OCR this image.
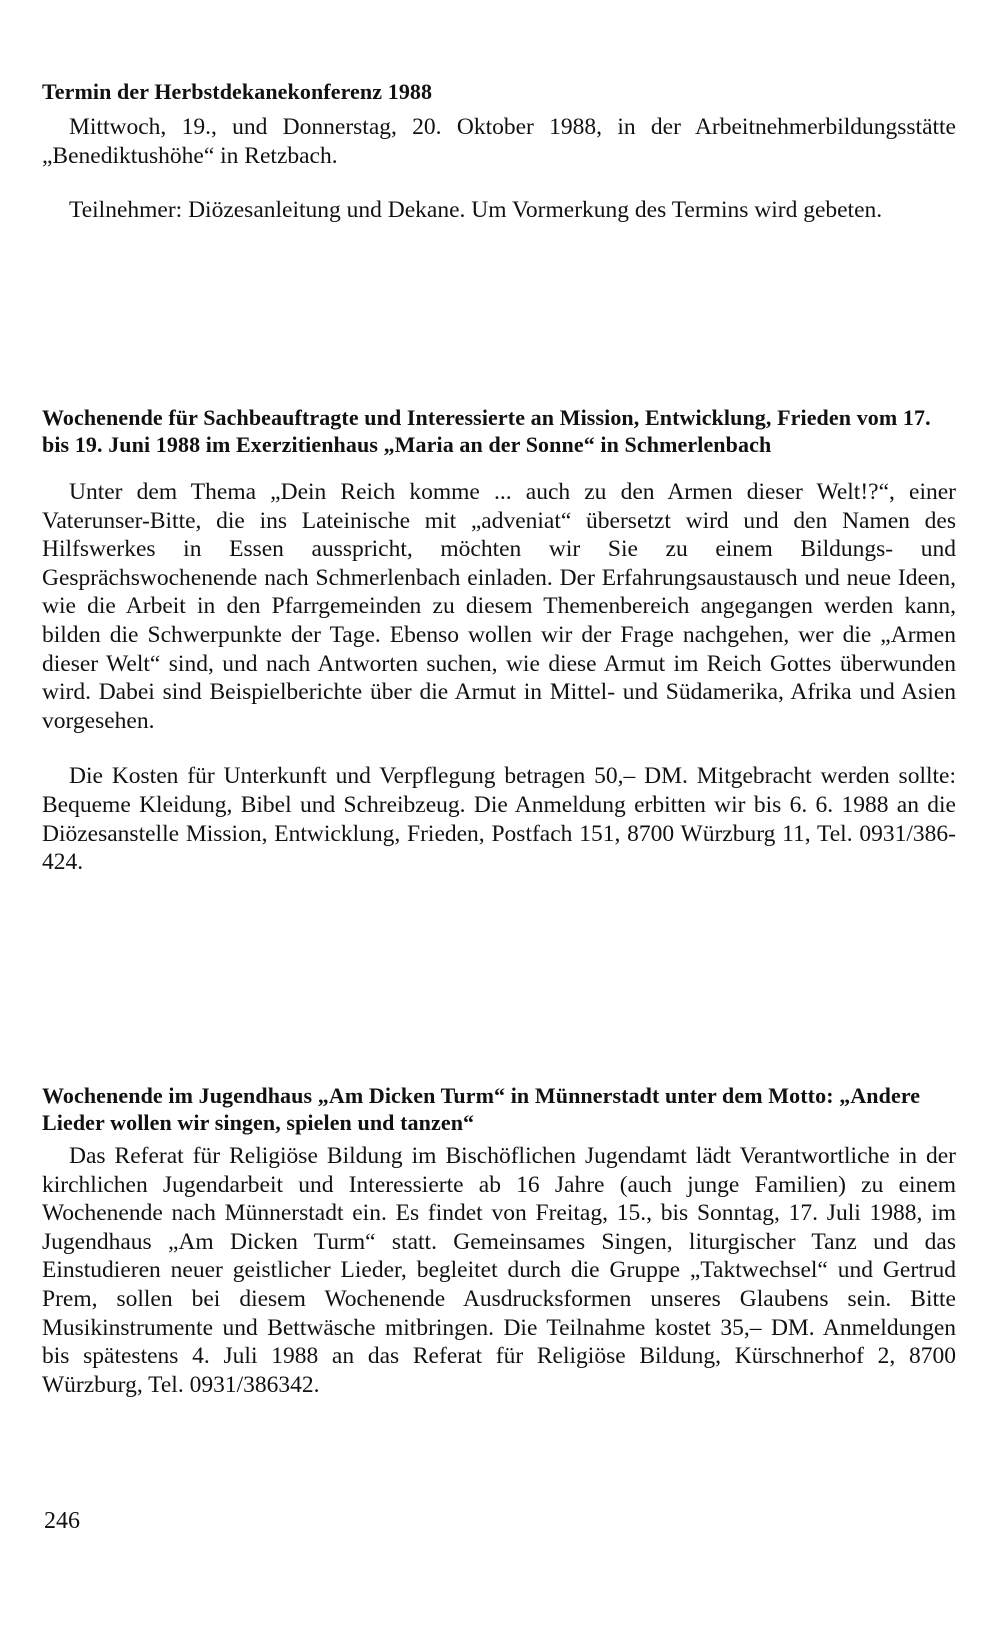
Termin der Herbstdekanekonferenz 1988

Mittwoch, 19., und Donnerstag, 20. Oktober 1988, in der Arbeitnehmerbildungsstätte „Benediktushöhe“ in Retzbach.

Teilnehmer: Diözesanleitung und Dekane. Um Vormerkung des Termins wird gebeten.

Wochenende für Sachbeauftragte und Interessierte an Mission, Entwicklung, Frieden vom 17. bis 19. Juni 1988 im Exerzitienhaus „Maria an der Sonne“ in Schmerlenbach

Unter dem Thema „Dein Reich komme ... auch zu den Armen dieser Welt!?“, einer Vaterunser-Bitte, die ins Lateinische mit „adveniat“ übersetzt wird und den Namen des Hilfswerkes in Essen ausspricht, möchten wir Sie zu einem Bildungs- und Gesprächswochenende nach Schmerlenbach einladen. Der Erfahrungsaustausch und neue Ideen, wie die Arbeit in den Pfarrgemeinden zu diesem Themenbereich angegangen werden kann, bilden die Schwerpunkte der Tage. Ebenso wollen wir der Frage nachgehen, wer die „Armen dieser Welt“ sind, und nach Antworten suchen, wie diese Armut im Reich Gottes überwunden wird. Dabei sind Beispielberichte über die Armut in Mittel- und Südamerika, Afrika und Asien vorgesehen.

Die Kosten für Unterkunft und Verpflegung betragen 50,– DM. Mitgebracht werden sollte: Bequeme Kleidung, Bibel und Schreibzeug. Die Anmeldung erbitten wir bis 6. 6. 1988 an die Diözesanstelle Mission, Entwicklung, Frieden, Postfach 151, 8700 Würzburg 11, Tel. 0931/386-424.

Wochenende im Jugendhaus „Am Dicken Turm“ in Münnerstadt unter dem Motto: „Andere Lieder wollen wir singen, spielen und tanzen“

Das Referat für Religiöse Bildung im Bischöflichen Jugendamt lädt Verantwortliche in der kirchlichen Jugendarbeit und Interessierte ab 16 Jahre (auch junge Familien) zu einem Wochenende nach Münnerstadt ein. Es findet von Freitag, 15., bis Sonntag, 17. Juli 1988, im Jugendhaus „Am Dicken Turm“ statt. Gemeinsames Singen, liturgischer Tanz und das Einstudieren neuer geistlicher Lieder, begleitet durch die Gruppe „Taktwechsel“ und Gertrud Prem, sollen bei diesem Wochenende Ausdrucksformen unseres Glaubens sein. Bitte Musikinstrumente und Bettwäsche mitbringen. Die Teilnahme kostet 35,– DM. Anmeldungen bis spätestens 4. Juli 1988 an das Referat für Religiöse Bildung, Kürschnerhof 2, 8700 Würzburg, Tel. 0931/386342.

246
